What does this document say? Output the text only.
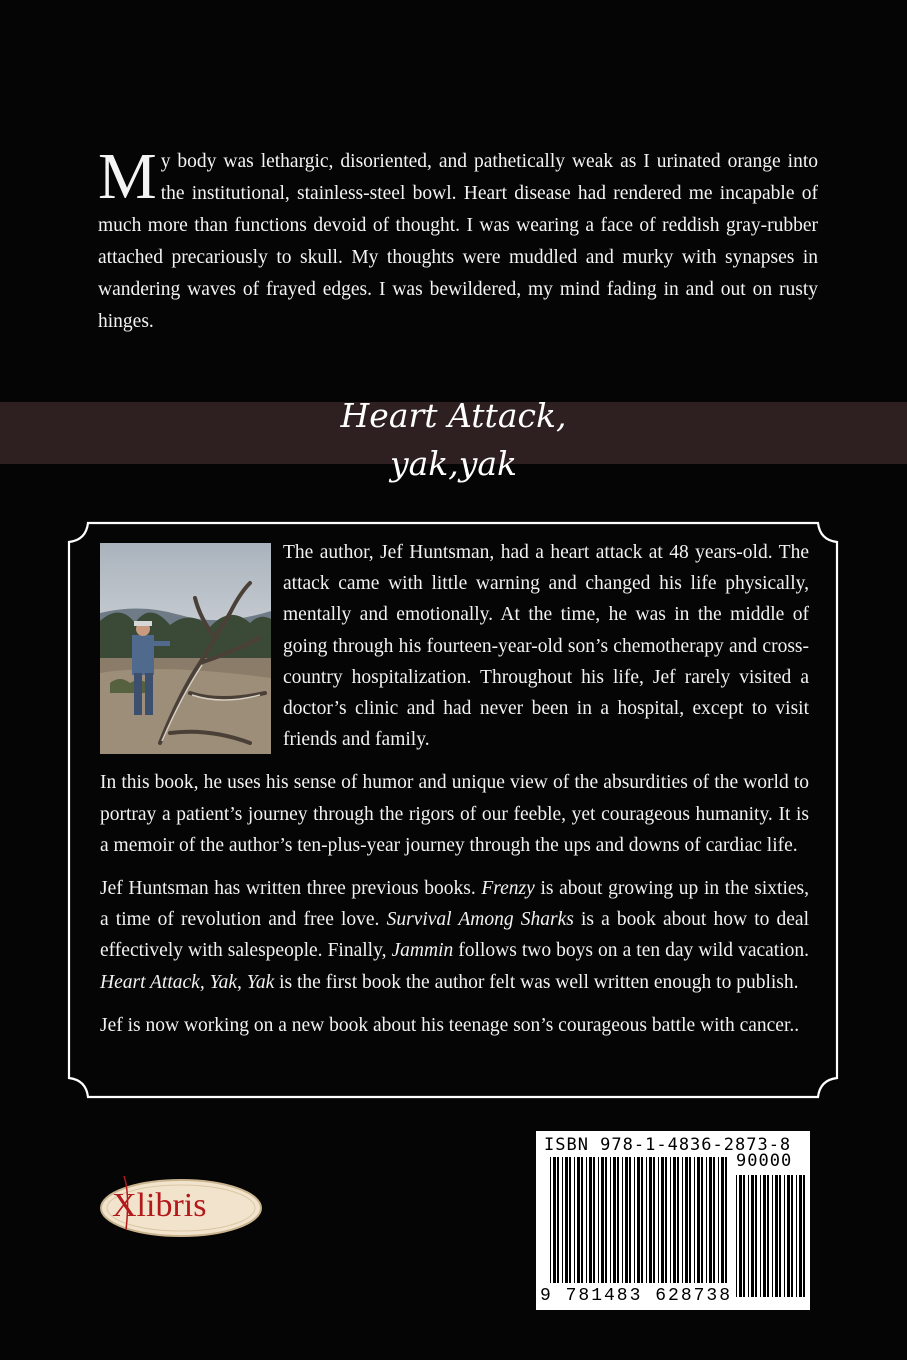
My body was lethargic, disoriented, and pathetically weak as I urinated orange into the institutional, stainless-steel bowl. Heart disease had rendered me incapable of much more than functions devoid of thought. I was wearing a face of reddish gray-rubber attached precariously to skull. My thoughts were muddled and murky with synapses in wandering waves of frayed edges. I was bewildered, my mind fading in and out on rusty hinges.
Heart Attack,
yak,yak

The author, Jef Huntsman, had a heart attack at 48 years-old. The attack came with little warning and changed his life physically, mentally and emotionally. At the time, he was in the middle of going through his fourteen-year-old son’s chemotherapy and cross-country hospitalization. Throughout his life, Jef rarely visited a doctor’s clinic and had never been in a hospital, except to visit friends and family.

In this book, he uses his sense of humor and unique view of the absurdities of the world to portray a patient’s journey through the rigors of our feeble, yet courageous humanity. It is a memoir of the author’s ten-plus-year journey through the ups and downs of cardiac life.

Jef Huntsman has written three previous books. Frenzy is about growing up in the sixties, a time of revolution and free love. Survival Among Sharks is a book about how to deal effectively with salespeople. Finally, Jammin follows two boys on a ten day wild vacation. Heart Attack, Yak, Yak is the first book the author felt was well written enough to publish.

Jef is now working on a new book about his teenage son’s courageous battle with cancer..

Xlibris
ISBN 978-1-4836-2873-8
90000
9 781483 628738
